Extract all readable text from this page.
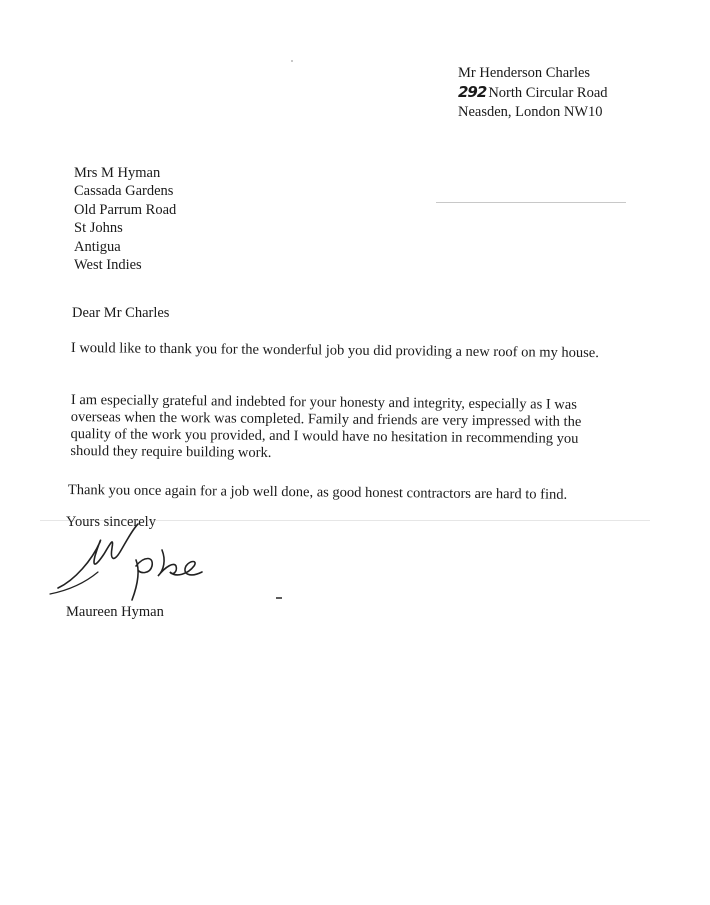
Mr Henderson Charles
292 North Circular Road
Neasden, London NW10
Mrs M Hyman
Cassada Gardens
Old Parrum Road
St Johns
Antigua
West Indies
Dear Mr Charles
I would like to thank you for the wonderful job you did providing a new roof on my house.
I am especially grateful and indebted for your honesty and integrity, especially as I was overseas when the work was completed. Family and friends are very impressed with the quality of the work you provided, and I would have no hesitation in recommending you should they require building work.
Thank you once again for a job well done, as good honest contractors are hard to find.
Yours sincerely
Maureen Hyman
